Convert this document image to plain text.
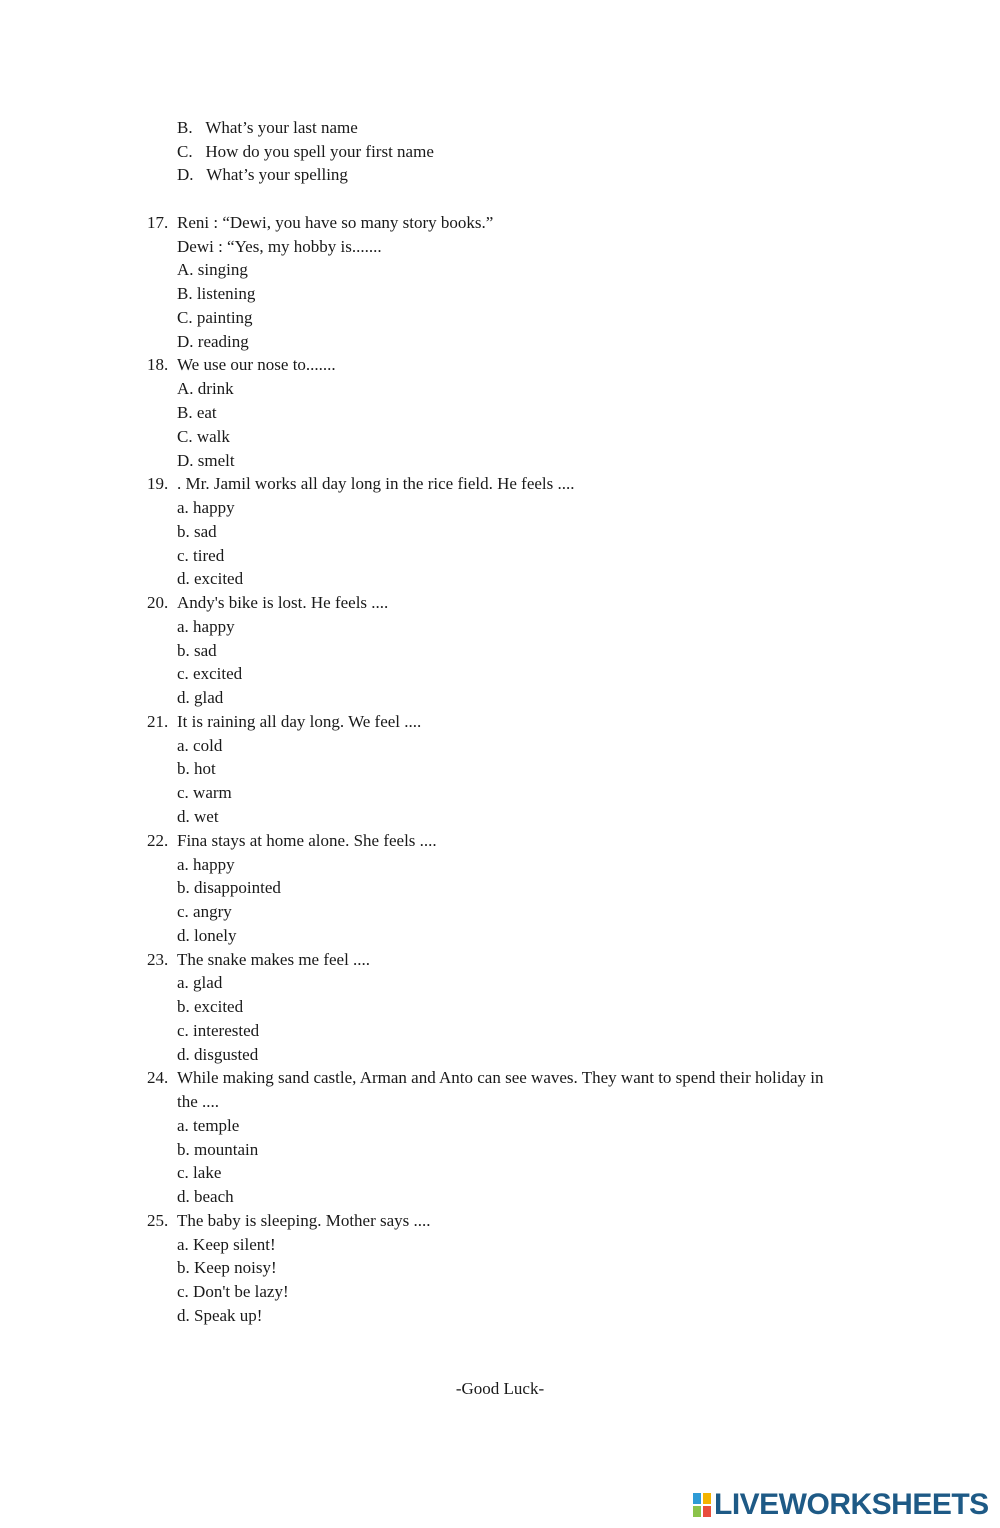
B. What’s your last name
C. How do you spell your first name
D. What’s your spelling
17. Reni : “Dewi, you have so many story books.”
Dewi : “Yes, my hobby is.......
A. singing
B. listening
C. painting
D. reading
18. We use our nose to.......
A. drink
B. eat
C. walk
D. smelt
19. . Mr. Jamil works all day long in the rice field. He feels ....
a. happy
b. sad
c. tired
d. excited
20. Andy's bike is lost. He feels ....
a. happy
b. sad
c. excited
d. glad
21. It is raining all day long. We feel ....
a. cold
b. hot
c. warm
d. wet
22. Fina stays at home alone. She feels ....
a. happy
b. disappointed
c. angry
d. lonely
23. The snake makes me feel ....
a. glad
b. excited
c. interested
d. disgusted
24. While making sand castle, Arman and Anto can see waves. They want to spend their holiday in
the ....
a. temple
b. mountain
c. lake
d. beach
25. The baby is sleeping. Mother says ....
a. Keep silent!
b. Keep noisy!
c. Don't be lazy!
d. Speak up!
-Good Luck-
LIVEWORKSHEETS
